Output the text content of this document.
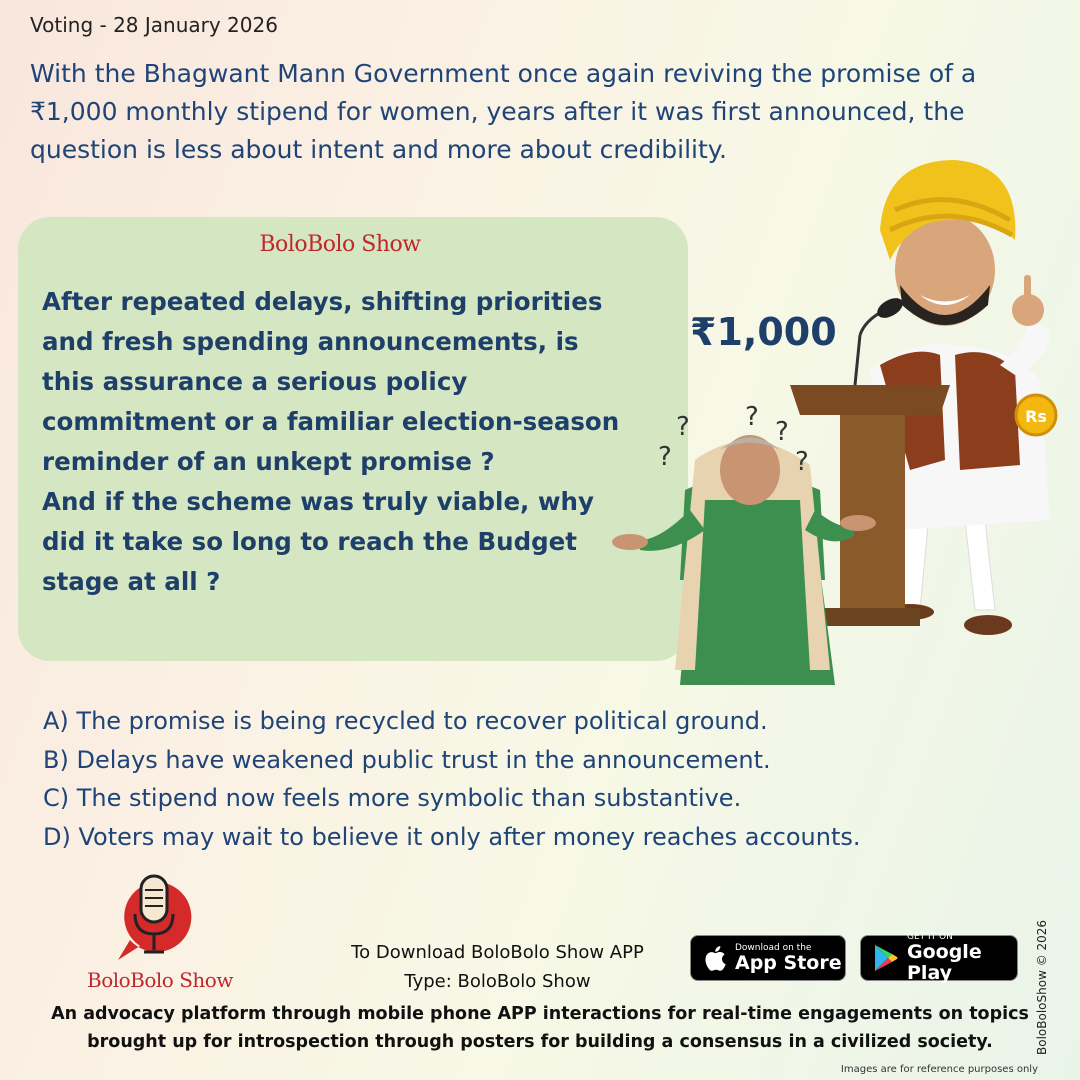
Voting - 28 January 2026

With the Bhagwant Mann Government once again reviving the promise of a ₹1,000 monthly stipend for women, years after it was first announced, the question is less about intent and more about credibility.

BoloBolo Show
After repeated delays, shifting priorities
and fresh spending announcements, is
this assurance a serious policy
commitment or a familiar election-season
reminder of an unkept promise ?
And if the scheme was truly viable, why
did it take so long to reach the Budget
stage at all ?
Rs
?
?
? ?
?
₹1,000
A) The promise is being recycled to recover political ground.
B) Delays have weakened public trust in the announcement.
C) The stipend now feels more symbolic than substantive.
D) Voters may wait to believe it only after money reaches accounts.
BoloBolo Show
To Download BoloBolo Show APP
Type: BoloBolo Show
Download on the
App Store
GET IT ON
Google Play
An advocacy platform through mobile phone APP interactions for real-time engagements on topics brought up for introspection through posters for building a consensus in a civilized society.	BoloBoloShow © 2026
Images are for reference purposes only
